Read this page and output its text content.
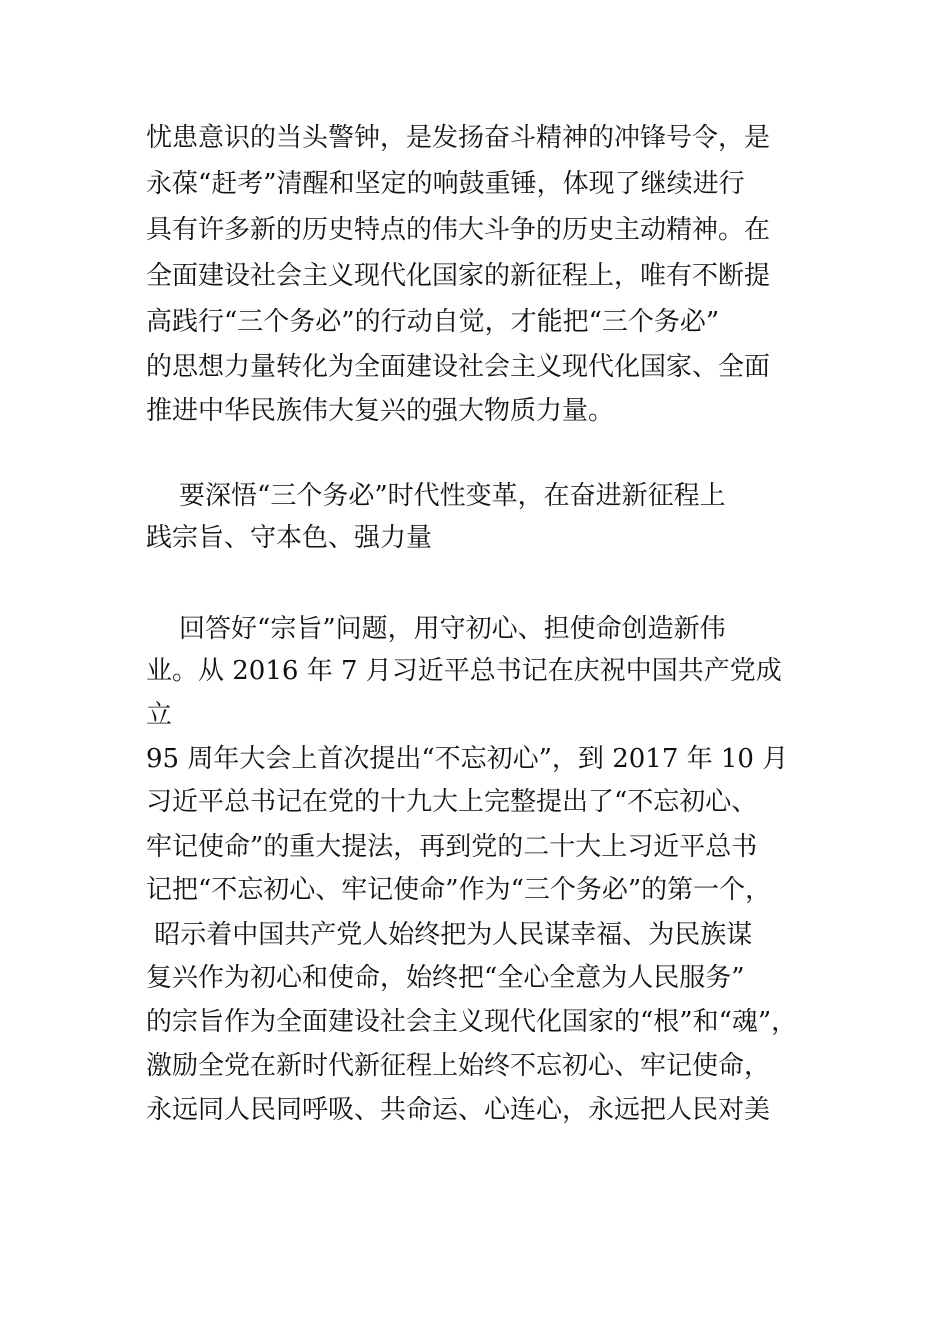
忧患意识的当头警钟，是发扬奋斗精神的冲锋号令，是
永葆“赶考”清醒和坚定的响鼓重锤，体现了继续进行
具有许多新的历史特点的伟大斗争的历史主动精神。在
全面建设社会主义现代化国家的新征程上，唯有不断提
高践行“三个务必”的行动自觉，才能把“三个务必”
的思想力量转化为全面建设社会主义现代化国家、全面
推进中华民族伟大复兴的强大物质力量。
要深悟“三个务必”时代性变革，在奋进新征程上
践宗旨、守本色、强力量
回答好“宗旨”问题，用守初心、担使命创造新伟
业。从 2016 年 7 月习近平总书记在庆祝中国共产党成
立
95 周年大会上首次提出“不忘初心”，到 2017 年 10 月
习近平总书记在党的十九大上完整提出了“不忘初心、
牢记使命”的重大提法，再到党的二十大上习近平总书
记把“不忘初心、牢记使命”作为“三个务必”的第一个，
昭示着中国共产党人始终把为人民谋幸福、为民族谋
复兴作为初心和使命，始终把“全心全意为人民服务”
的宗旨作为全面建设社会主义现代化国家的“根”和“魂”，
激励全党在新时代新征程上始终不忘初心、牢记使命，
永远同人民同呼吸、共命运、心连心，永远把人民对美
